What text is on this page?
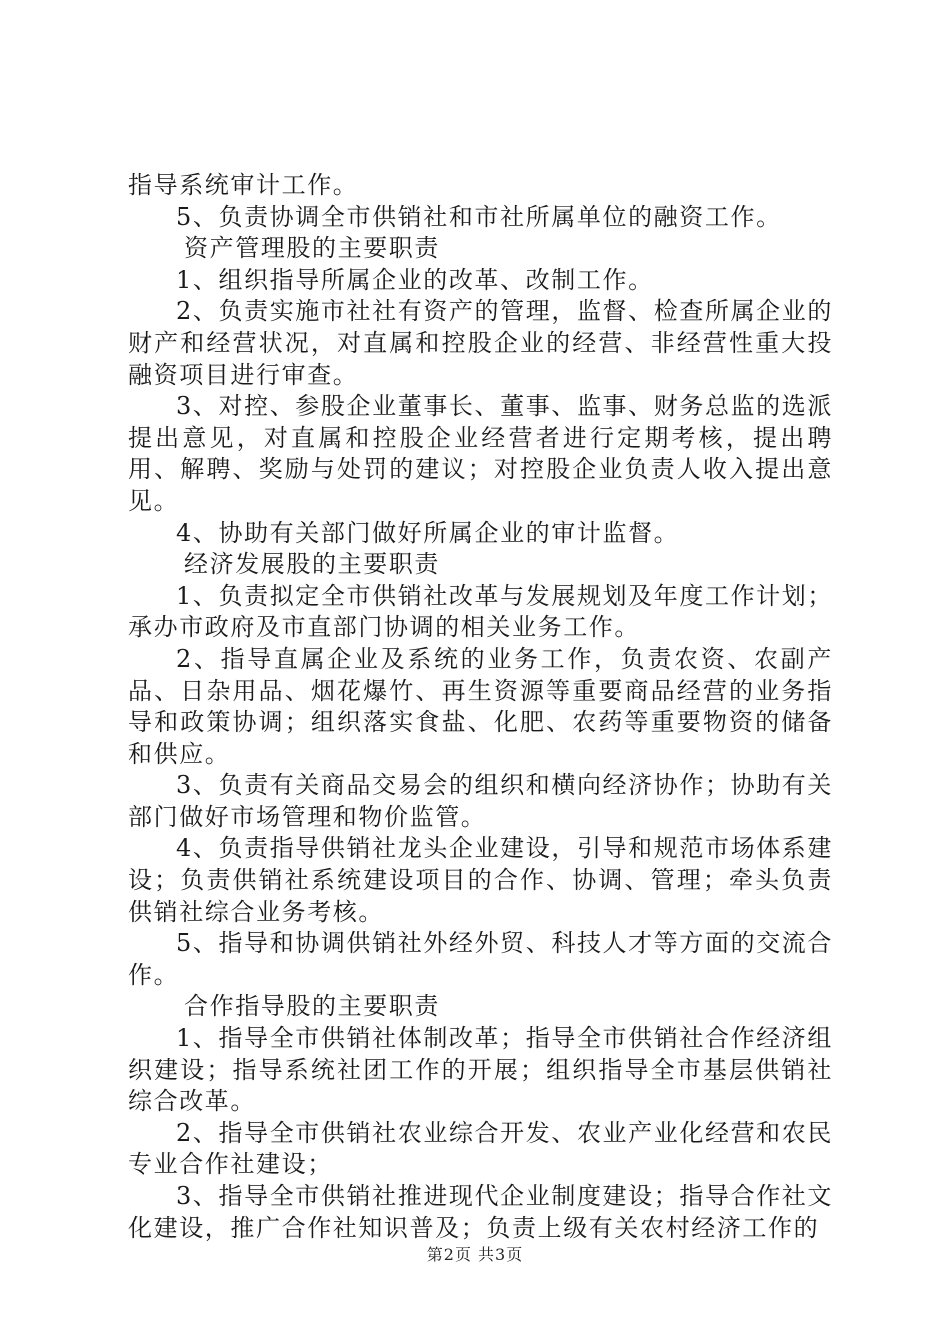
指导系统审计工作。

5、负责协调全市供销社和市社所属单位的融资工作。

资产管理股的主要职责

1、组织指导所属企业的改革、改制工作。

2、负责实施市社社有资产的管理，监督、检查所属企业的财产和经营状况，对直属和控股企业的经营、非经营性重大投融资项目进行审查。

3、对控、参股企业董事长、董事、监事、财务总监的选派提出意见，对直属和控股企业经营者进行定期考核，提出聘用、解聘、奖励与处罚的建议；对控股企业负责人收入提出意见。

4、协助有关部门做好所属企业的审计监督。

经济发展股的主要职责

1、负责拟定全市供销社改革与发展规划及年度工作计划；承办市政府及市直部门协调的相关业务工作。

2、指导直属企业及系统的业务工作，负责农资、农副产品、日杂用品、烟花爆竹、再生资源等重要商品经营的业务指导和政策协调；组织落实食盐、化肥、农药等重要物资的储备和供应。

3、负责有关商品交易会的组织和横向经济协作；协助有关部门做好市场管理和物价监管。

4、负责指导供销社龙头企业建设，引导和规范市场体系建设；负责供销社系统建设项目的合作、协调、管理；牵头负责供销社综合业务考核。

5、指导和协调供销社外经外贸、科技人才等方面的交流合作。

合作指导股的主要职责

1、指导全市供销社体制改革；指导全市供销社合作经济组织建设；指导系统社团工作的开展；组织指导全市基层供销社综合改革。

2、指导全市供销社农业综合开发、农业产业化经营和农民专业合作社建设；

3、指导全市供销社推进现代企业制度建设；指导合作社文化建设，推广合作社知识普及；负责上级有关农村经济工作的

第2页 共3页
